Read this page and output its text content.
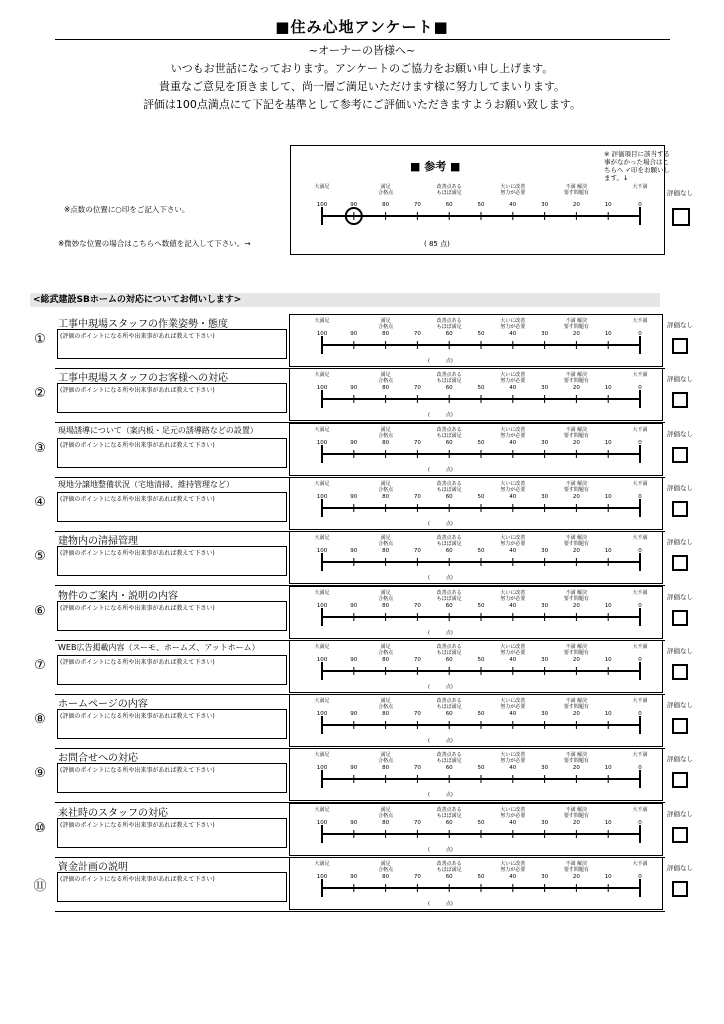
■住み心地アンケート■
~オーナーの皆様へ~
いつもお世話になっております。アンケートのご協力をお願い申し上げます。
貴重なご意見を頂きまして、尚一層ご満足いただけます様に努力してまいります。
評価は100点満点にて下記を基準として参考にご評価いただきますようお願い致します。
■ 参考 ■
※ 評価項目に該当する事がなかった場合はこちらへ ✓印をお願いします。↓
※点数の位置に○印をご記入下さい。
※微妙な位置の場合はこちらへ数値を記入して下さい。→
大満足	満足
合格点
改善点ある
もほぼ満足
大いに改善
努力が必要
不満 解決
要す問題有
大不満
100	90	80	70	60	50	40	30	20	10	0
( 85 点)
評価なし
<総武建設SBホームの対応についてお伺いします>
①
工事中現場スタッフの作業姿勢・態度
(評価のポイントになる所や出来事があれば教えて下さい)
大満足	満足
合格点
改善点ある
もほぼ満足
大いに改善
努力が必要
不満 解決
要す問題有
大不満
100	90	80	70	60	50	40	30	20	10	0
(          点)
評価なし
②
工事中現場スタッフのお客様への対応
(評価のポイントになる所や出来事があれば教えて下さい)
大満足	満足
合格点
改善点ある
もほぼ満足
大いに改善
努力が必要
不満 解決
要す問題有
大不満
100	90	80	70	60	50	40	30	20	10	0
(          点)
評価なし
③
現場誘導について（案内板・足元の誘導路などの設置）
(評価のポイントになる所や出来事があれば教えて下さい)
大満足	満足
合格点
改善点ある
もほぼ満足
大いに改善
努力が必要
不満 解決
要す問題有
大不満
100	90	80	70	60	50	40	30	20	10	0
(          点)
評価なし
④
現地分譲地整備状況（宅地清掃、維持管理など）
(評価のポイントになる所や出来事があれば教えて下さい)
大満足	満足
合格点
改善点ある
もほぼ満足
大いに改善
努力が必要
不満 解決
要す問題有
大不満
100	90	80	70	60	50	40	30	20	10	0
(          点)
評価なし
⑤
建物内の清掃管理
(評価のポイントになる所や出来事があれば教えて下さい)
大満足	満足
合格点
改善点ある
もほぼ満足
大いに改善
努力が必要
不満 解決
要す問題有
大不満
100	90	80	70	60	50	40	30	20	10	0
(          点)
評価なし
⑥
物件のご案内・説明の内容
(評価のポイントになる所や出来事があれば教えて下さい)
大満足	満足
合格点
改善点ある
もほぼ満足
大いに改善
努力が必要
不満 解決
要す問題有
大不満
100	90	80	70	60	50	40	30	20	10	0
(          点)
評価なし
⑦
WEB広告掲載内容（スーモ、ホームズ、アットホーム）
(評価のポイントになる所や出来事があれば教えて下さい)
大満足	満足
合格点
改善点ある
もほぼ満足
大いに改善
努力が必要
不満 解決
要す問題有
大不満
100	90	80	70	60	50	40	30	20	10	0
(          点)
評価なし
⑧
ホームページの内容
(評価のポイントになる所や出来事があれば教えて下さい)
大満足	満足
合格点
改善点ある
もほぼ満足
大いに改善
努力が必要
不満 解決
要す問題有
大不満
100	90	80	70	60	50	40	30	20	10	0
(          点)
評価なし
⑨
お問合せへの対応
(評価のポイントになる所や出来事があれば教えて下さい)
大満足	満足
合格点
改善点ある
もほぼ満足
大いに改善
努力が必要
不満 解決
要す問題有
大不満
100	90	80	70	60	50	40	30	20	10	0
(          点)
評価なし
⑩
来社時のスタッフの対応
(評価のポイントになる所や出来事があれば教えて下さい)
大満足	満足
合格点
改善点ある
もほぼ満足
大いに改善
努力が必要
不満 解決
要す問題有
大不満
100	90	80	70	60	50	40	30	20	10	0
(          点)
評価なし
⑪
資金計画の説明
(評価のポイントになる所や出来事があれば教えて下さい)
大満足	満足
合格点
改善点ある
もほぼ満足
大いに改善
努力が必要
不満 解決
要す問題有
大不満
100	90	80	70	60	50	40	30	20	10	0
(          点)
評価なし
